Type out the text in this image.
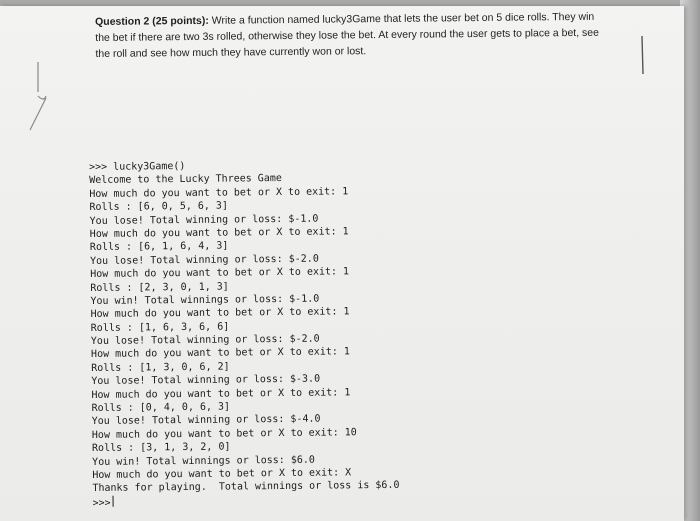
Question 2 (25 points): Write a function named lucky3Game that lets the user bet on 5 dice rolls. They win the bet if there are two 3s rolled, otherwise they lose the bet. At every round the user gets to place a bet, see the roll and see how much they have currently won or lost.
>>> lucky3Game()
Welcome to the Lucky Threes Game
How much do you want to bet or X to exit: 1
Rolls : [6, 0, 5, 6, 3]
You lose! Total winning or loss: $-1.0
How much do you want to bet or X to exit: 1
Rolls : [6, 1, 6, 4, 3]
You lose! Total winning or loss: $-2.0
How much do you want to bet or X to exit: 1
Rolls : [2, 3, 0, 1, 3]
You win! Total winnings or loss: $-1.0
How much do you want to bet or X to exit: 1
Rolls : [1, 6, 3, 6, 6]
You lose! Total winning or loss: $-2.0
How much do you want to bet or X to exit: 1
Rolls : [1, 3, 0, 6, 2]
You lose! Total winning or loss: $-3.0
How much do you want to bet or X to exit: 1
Rolls : [0, 4, 0, 6, 3]
You lose! Total winning or loss: $-4.0
How much do you want to bet or X to exit: 10
Rolls : [3, 1, 3, 2, 0]
You win! Total winnings or loss: $6.0
How much do you want to bet or X to exit: X
Thanks for playing.  Total winnings or loss is $6.0
>>>
